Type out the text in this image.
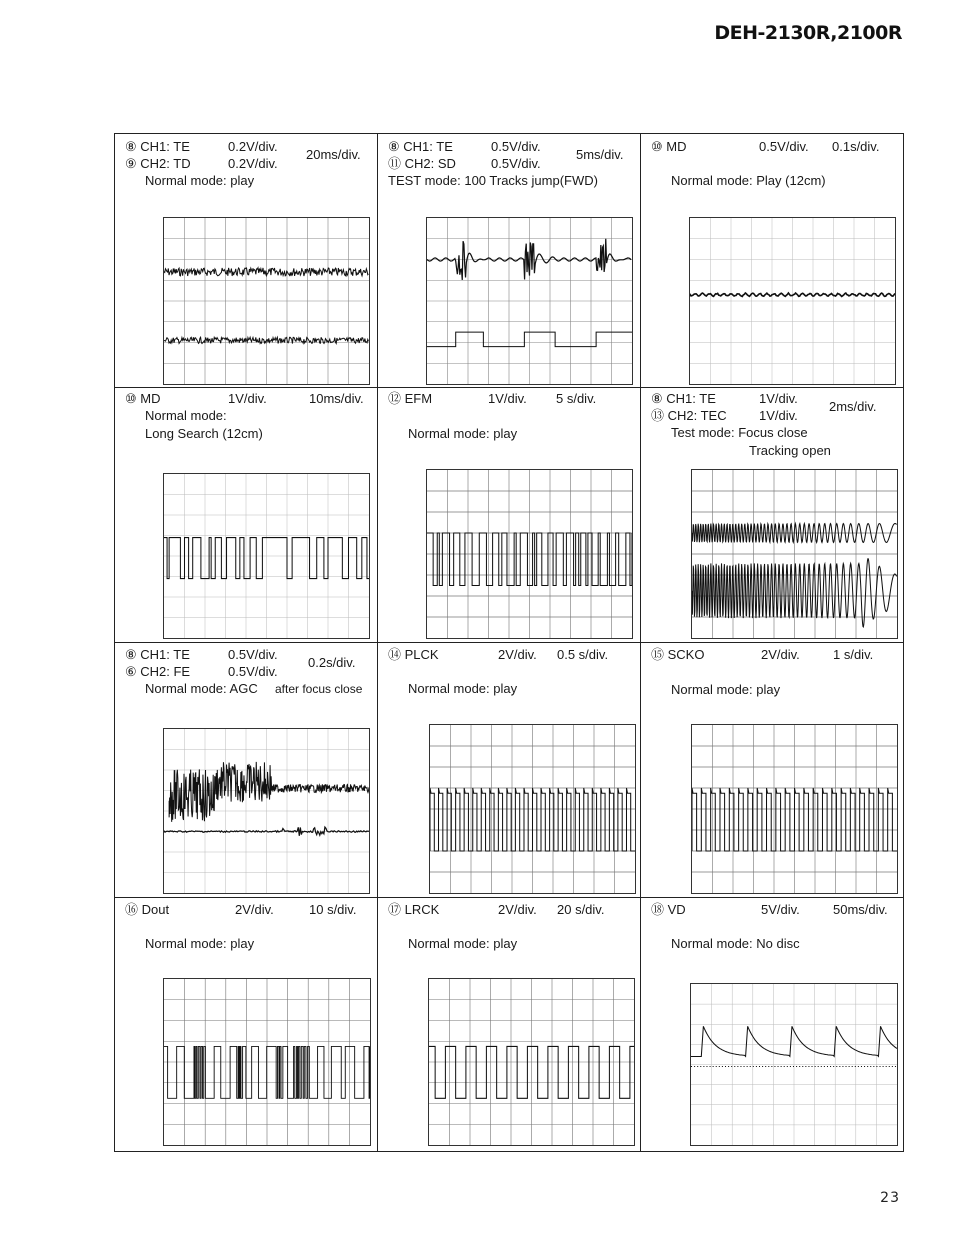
DEH-2130R,2100R
⑧ CH1: TE	0.2V/div.
⑨ CH2: TD	0.2V/div.
20ms/div.
Normal mode: play
⑧ CH1: TE	0.5V/div.
⑪ CH2: SD	0.5V/div.
5ms/div.
TEST mode: 100 Tracks jump(FWD)
⑩ MD	0.5V/div. 0.1s/div.
Normal mode: Play (12cm)
⑩ MD	1V/div.	10ms/div.
Normal mode:
Long Search (12cm)
⑫ EFM	1V/div. 5 s/div.
Normal mode: play
⑧ CH1: TE	1V/div.
⑬ CH2: TEC 1V/div.
2ms/div.
Test mode: Focus close
Tracking open
⑧ CH1: TE	0.5V/div.
⑥ CH2: FE	0.5V/div.
0.2s/div.
Normal mode: AGC after focus close
⑭ PLCK	2V/div. 0.5 s/div.
Normal mode: play
⑮ SCKO	2V/div.	1 s/div.
Normal mode: play
⑯ Dout	2V/div.	10 s/div.
Normal mode: play
⑰ LRCK	2V/div. 20 s/div.
Normal mode: play
⑱ VD	5V/div.	50ms/div.
Normal mode: No disc
23
